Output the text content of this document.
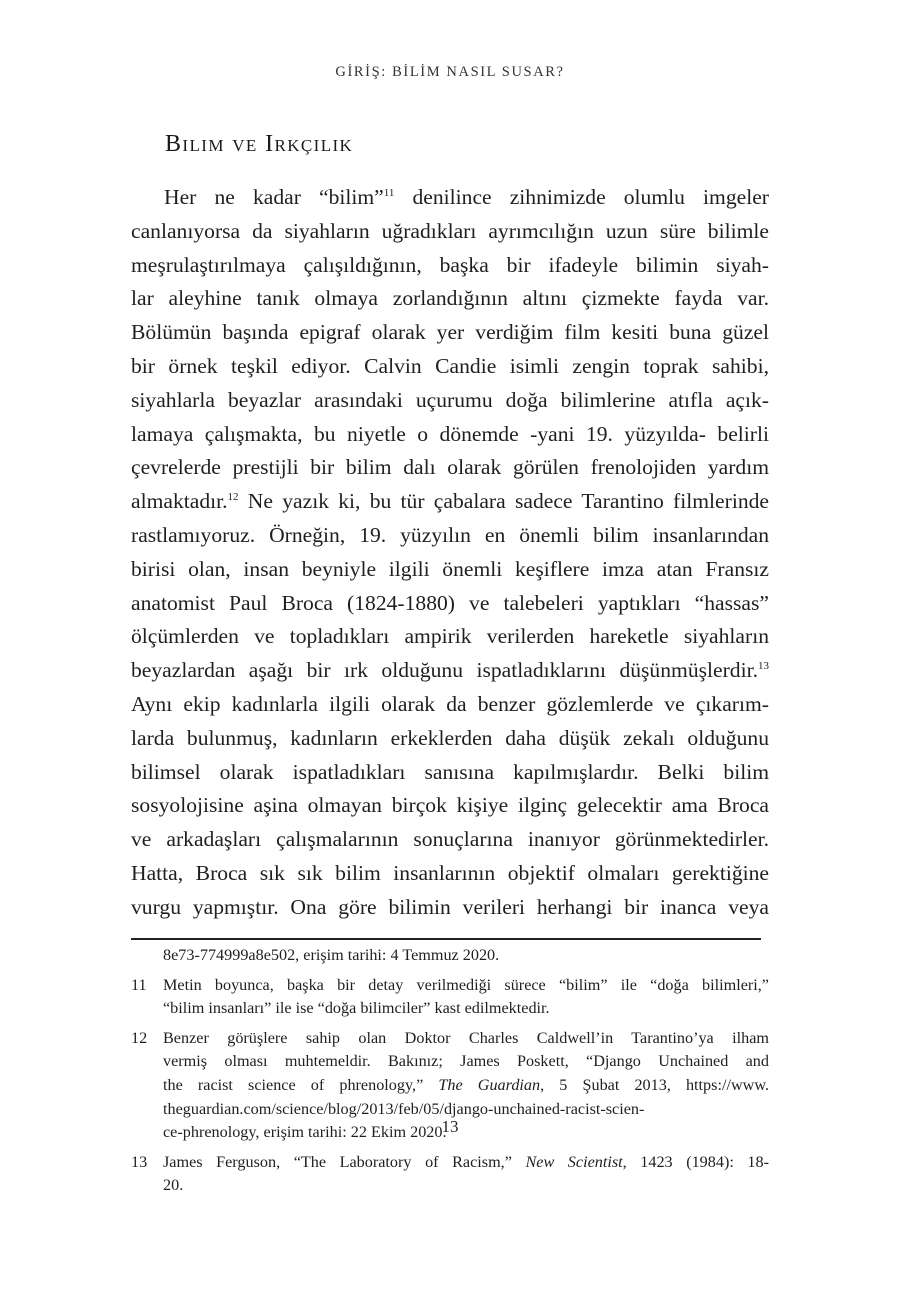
GİRİŞ: BİLİM NASIL SUSAR?
Bilim ve Irkçılık
Her ne kadar “bilim”$^{11}$ denilince zihnimizde olumlu imgeler
canlanıyorsa da siyahların uğradıkları ayrımcılığın uzun süre bilimle
meşrulaştırılmaya çalışıldığının, başka bir ifadeyle bilimin siyah-
lar aleyhine tanık olmaya zorlandığının altını çizmekte fayda var.
Bölümün başında epigraf olarak yer verdiğim film kesiti buna güzel
bir örnek teşkil ediyor. Calvin Candie isimli zengin toprak sahibi,
siyahlarla beyazlar arasındaki uçurumu doğa bilimlerine atıfla açık-
lamaya çalışmakta, bu niyetle o dönemde -yani 19. yüzyılda- belirli
çevrelerde prestijli bir bilim dalı olarak görülen frenolojiden yardım
almaktadır.$^{12}$ Ne yazık ki, bu tür çabalara sadece Tarantino filmlerinde
rastlamıyoruz. Örneğin, 19. yüzyılın en önemli bilim insanlarından
birisi olan, insan beyniyle ilgili önemli keşiflere imza atan Fransız
anatomist Paul Broca (1824-1880) ve talebeleri yaptıkları “hassas”
ölçümlerden ve topladıkları ampirik verilerden hareketle siyahların
beyazlardan aşağı bir ırk olduğunu ispatladıklarını düşünmüşlerdir.$^{13}$
Aynı ekip kadınlarla ilgili olarak da benzer gözlemlerde ve çıkarım-
larda bulunmuş, kadınların erkeklerden daha düşük zekalı olduğunu
bilimsel olarak ispatladıkları sanısına kapılmışlardır. Belki bilim
sosyolojisine aşina olmayan birçok kişiye ilginç gelecektir ama Broca
ve arkadaşları çalışmalarının sonuçlarına inanıyor görünmektedirler.
Hatta, Broca sık sık bilim insanlarının objektif olmaları gerektiğine
vurgu yapmıştır. Ona göre bilimin verileri herhangi bir inanca veya
8e73-774999a8e502, erişim tarihi: 4 Temmuz 2020.
11 Metin boyunca, başka bir detay verilmediği sürece “bilim” ile “doğa bilimleri,”
“bilim insanları” ile ise “doğa bilimciler” kast edilmektedir.
12 Benzer görüşlere sahip olan Doktor Charles Caldwell’in Tarantino’ya ilham
vermiş olması muhtemeldir. Bakınız; James Poskett, “Django Unchained and
the racist science of phrenology,” The Guardian, 5 Şubat 2013, https://www.
theguardian.com/science/blog/2013/feb/05/django-unchained-racist-scien-
ce-phrenology, erişim tarihi: 22 Ekim 2020.
13 James Ferguson, “The Laboratory of Racism,” New Scientist, 1423 (1984): 18-
20.
13
